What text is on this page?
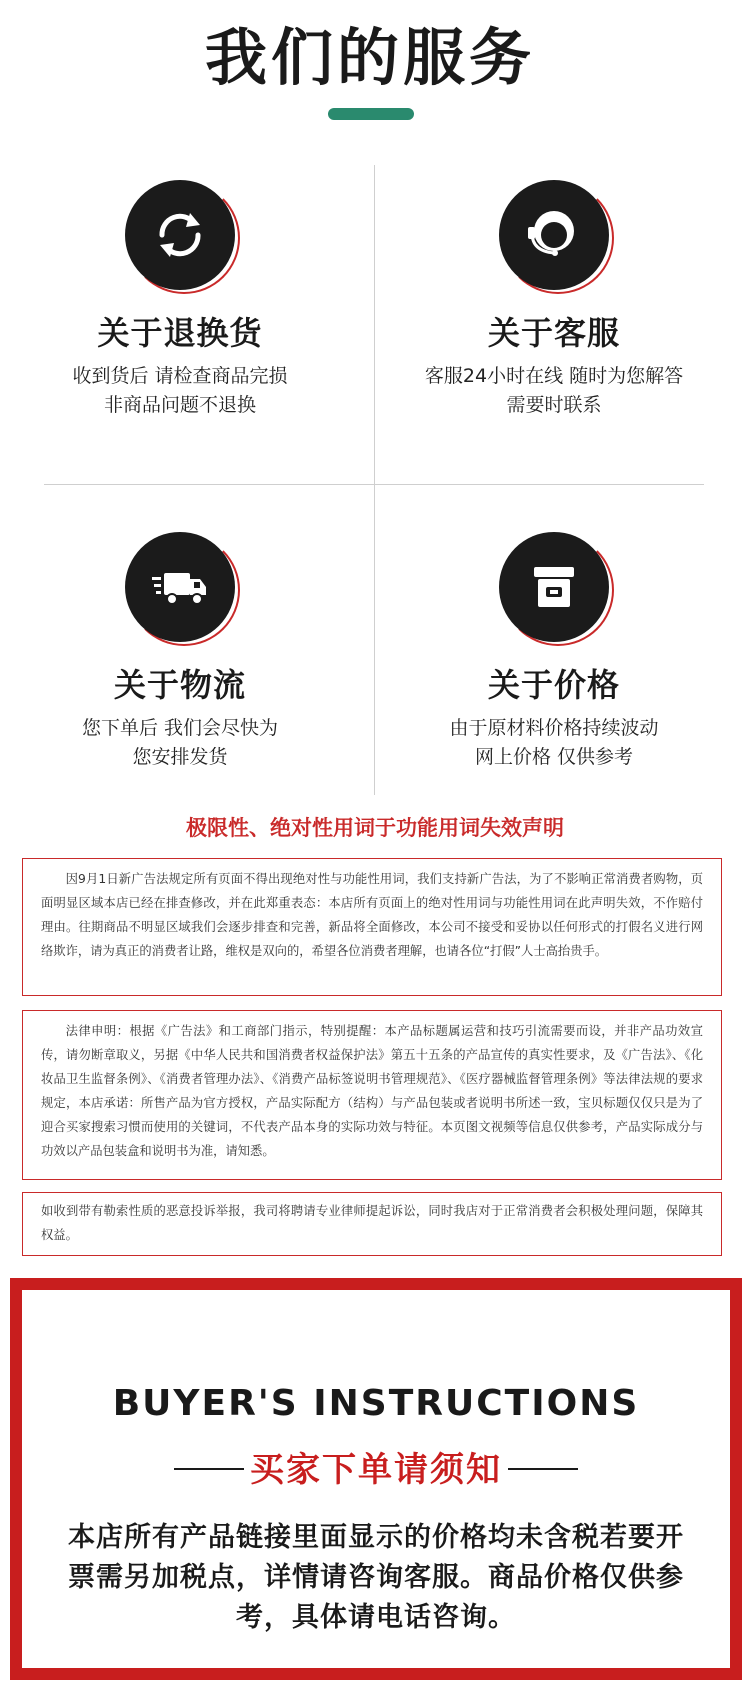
我们的服务
关于退换货

收到货后 请检查商品完损
非商品问题不退换

关于客服

客服24小时在线 随时为您解答
需要时联系

关于物流

您下单后 我们会尽快为
您安排发货

关于价格

由于原材料价格持续波动
网上价格 仅供参考

极限性、绝对性用词于功能用词失效声明

因9月1日新广告法规定所有页面不得出现绝对性与功能性用词，我们支持新广告法，为了不影响正常消费者购物，页面明显区域本店已经在排查修改，并在此郑重表态：本店所有页面上的绝对性用词与功能性用词在此声明失效，不作赔付理由。往期商品不明显区域我们会逐步排查和完善，新品将全面修改，本公司不接受和妥协以任何形式的打假名义进行网络欺诈，请为真正的消费者让路，维权是双向的，希望各位消费者理解，也请各位“打假”人士高抬贵手。

法律申明：根据《广告法》和工商部门指示，特别提醒：本产品标题属运营和技巧引流需要而设，并非产品功效宣传，请勿断章取义，另据《中华人民共和国消费者权益保护法》第五十五条的产品宣传的真实性要求，及《广告法》、《化妆品卫生监督条例》、《消费者管理办法》、《消费产品标签说明书管理规范》、《医疗器械监督管理条例》等法律法规的要求规定，本店承诺：所售产品为官方授权，产品实际配方（结构）与产品包装或者说明书所述一致，宝贝标题仅仅只是为了迎合买家搜索习惯而使用的关键词，不代表产品本身的实际功效与特征。本页图文视频等信息仅供参考，产品实际成分与功效以产品包装盒和说明书为准，请知悉。

如收到带有勒索性质的恶意投诉举报，我司将聘请专业律师提起诉讼，同时我店对于正常消费者会积极处理问题，保障其权益。

BUYER'S INSTRUCTIONS
买家下单请须知

本店所有产品链接里面显示的价格均未含税若要开票需另加税点，详情请咨询客服。商品价格仅供参考，具体请电话咨询。
